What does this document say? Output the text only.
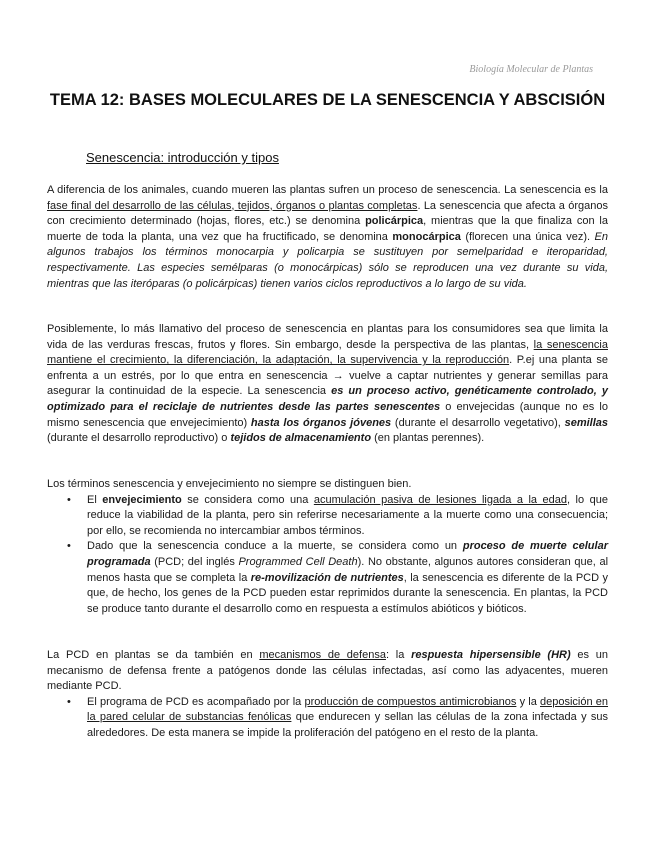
Biología Molecular de Plantas
TEMA 12: BASES MOLECULARES DE LA SENESCENCIA Y ABSCISIÓN
Senescencia: introducción y tipos

A diferencia de los animales, cuando mueren las plantas sufren un proceso de senescencia. La senescencia es la fase final del desarrollo de las células, tejidos, órganos o plantas completas. La senescencia que afecta a órganos con crecimiento determinado (hojas, flores, etc.) se denomina policárpica, mientras que la que finaliza con la muerte de toda la planta, una vez que ha fructificado, se denomina monocárpica (florecen una única vez). En algunos trabajos los términos monocarpia y policarpia se sustituyen por semelparidad e iteroparidad, respectivamente. Las especies semélparas (o monocárpicas) sólo se reproducen una vez durante su vida, mientras que las iteróparas (o policárpicas) tienen varios ciclos reproductivos a lo largo de su vida.

Posiblemente, lo más llamativo del proceso de senescencia en plantas para los consumidores sea que limita la vida de las verduras frescas, frutos y flores. Sin embargo, desde la perspectiva de las plantas, la senescencia mantiene el crecimiento, la diferenciación, la adaptación, la supervivencia y la reproducción. P.ej una planta se enfrenta a un estrés, por lo que entra en senescencia → vuelve a captar nutrientes y generar semillas para asegurar la continuidad de la especie. La senescencia es un proceso activo, genéticamente controlado, y optimizado para el reciclaje de nutrientes desde las partes senescentes o envejecidas (aunque no es lo mismo senescencia que envejecimiento) hasta los órganos jóvenes (durante el desarrollo vegetativo), semillas (durante el desarrollo reproductivo) o tejidos de almacenamiento (en plantas perennes).

Los términos senescencia y envejecimiento no siempre se distinguen bien.

• El envejecimiento se considera como una acumulación pasiva de lesiones ligada a la edad, lo que reduce la viabilidad de la planta, pero sin referirse necesariamente a la muerte como una consecuencia; por ello, se recomienda no intercambiar ambos términos.
• Dado que la senescencia conduce a la muerte, se considera como un proceso de muerte celular programada (PCD; del inglés Programmed Cell Death). No obstante, algunos autores consideran que, al menos hasta que se completa la re-movilización de nutrientes, la senescencia es diferente de la PCD y que, de hecho, los genes de la PCD pueden estar reprimidos durante la senescencia. En plantas, la PCD se produce tanto durante el desarrollo como en respuesta a estímulos abióticos y bióticos.

La PCD en plantas se da también en mecanismos de defensa: la respuesta hipersensible (HR) es un mecanismo de defensa frente a patógenos donde las células infectadas, así como las adyacentes, mueren mediante PCD.

• El programa de PCD es acompañado por la producción de compuestos antimicrobianos y la deposición en la pared celular de substancias fenólicas que endurecen y sellan las células de la zona infectada y sus alrededores. De esta manera se impide la proliferación del patógeno en el resto de la planta.
